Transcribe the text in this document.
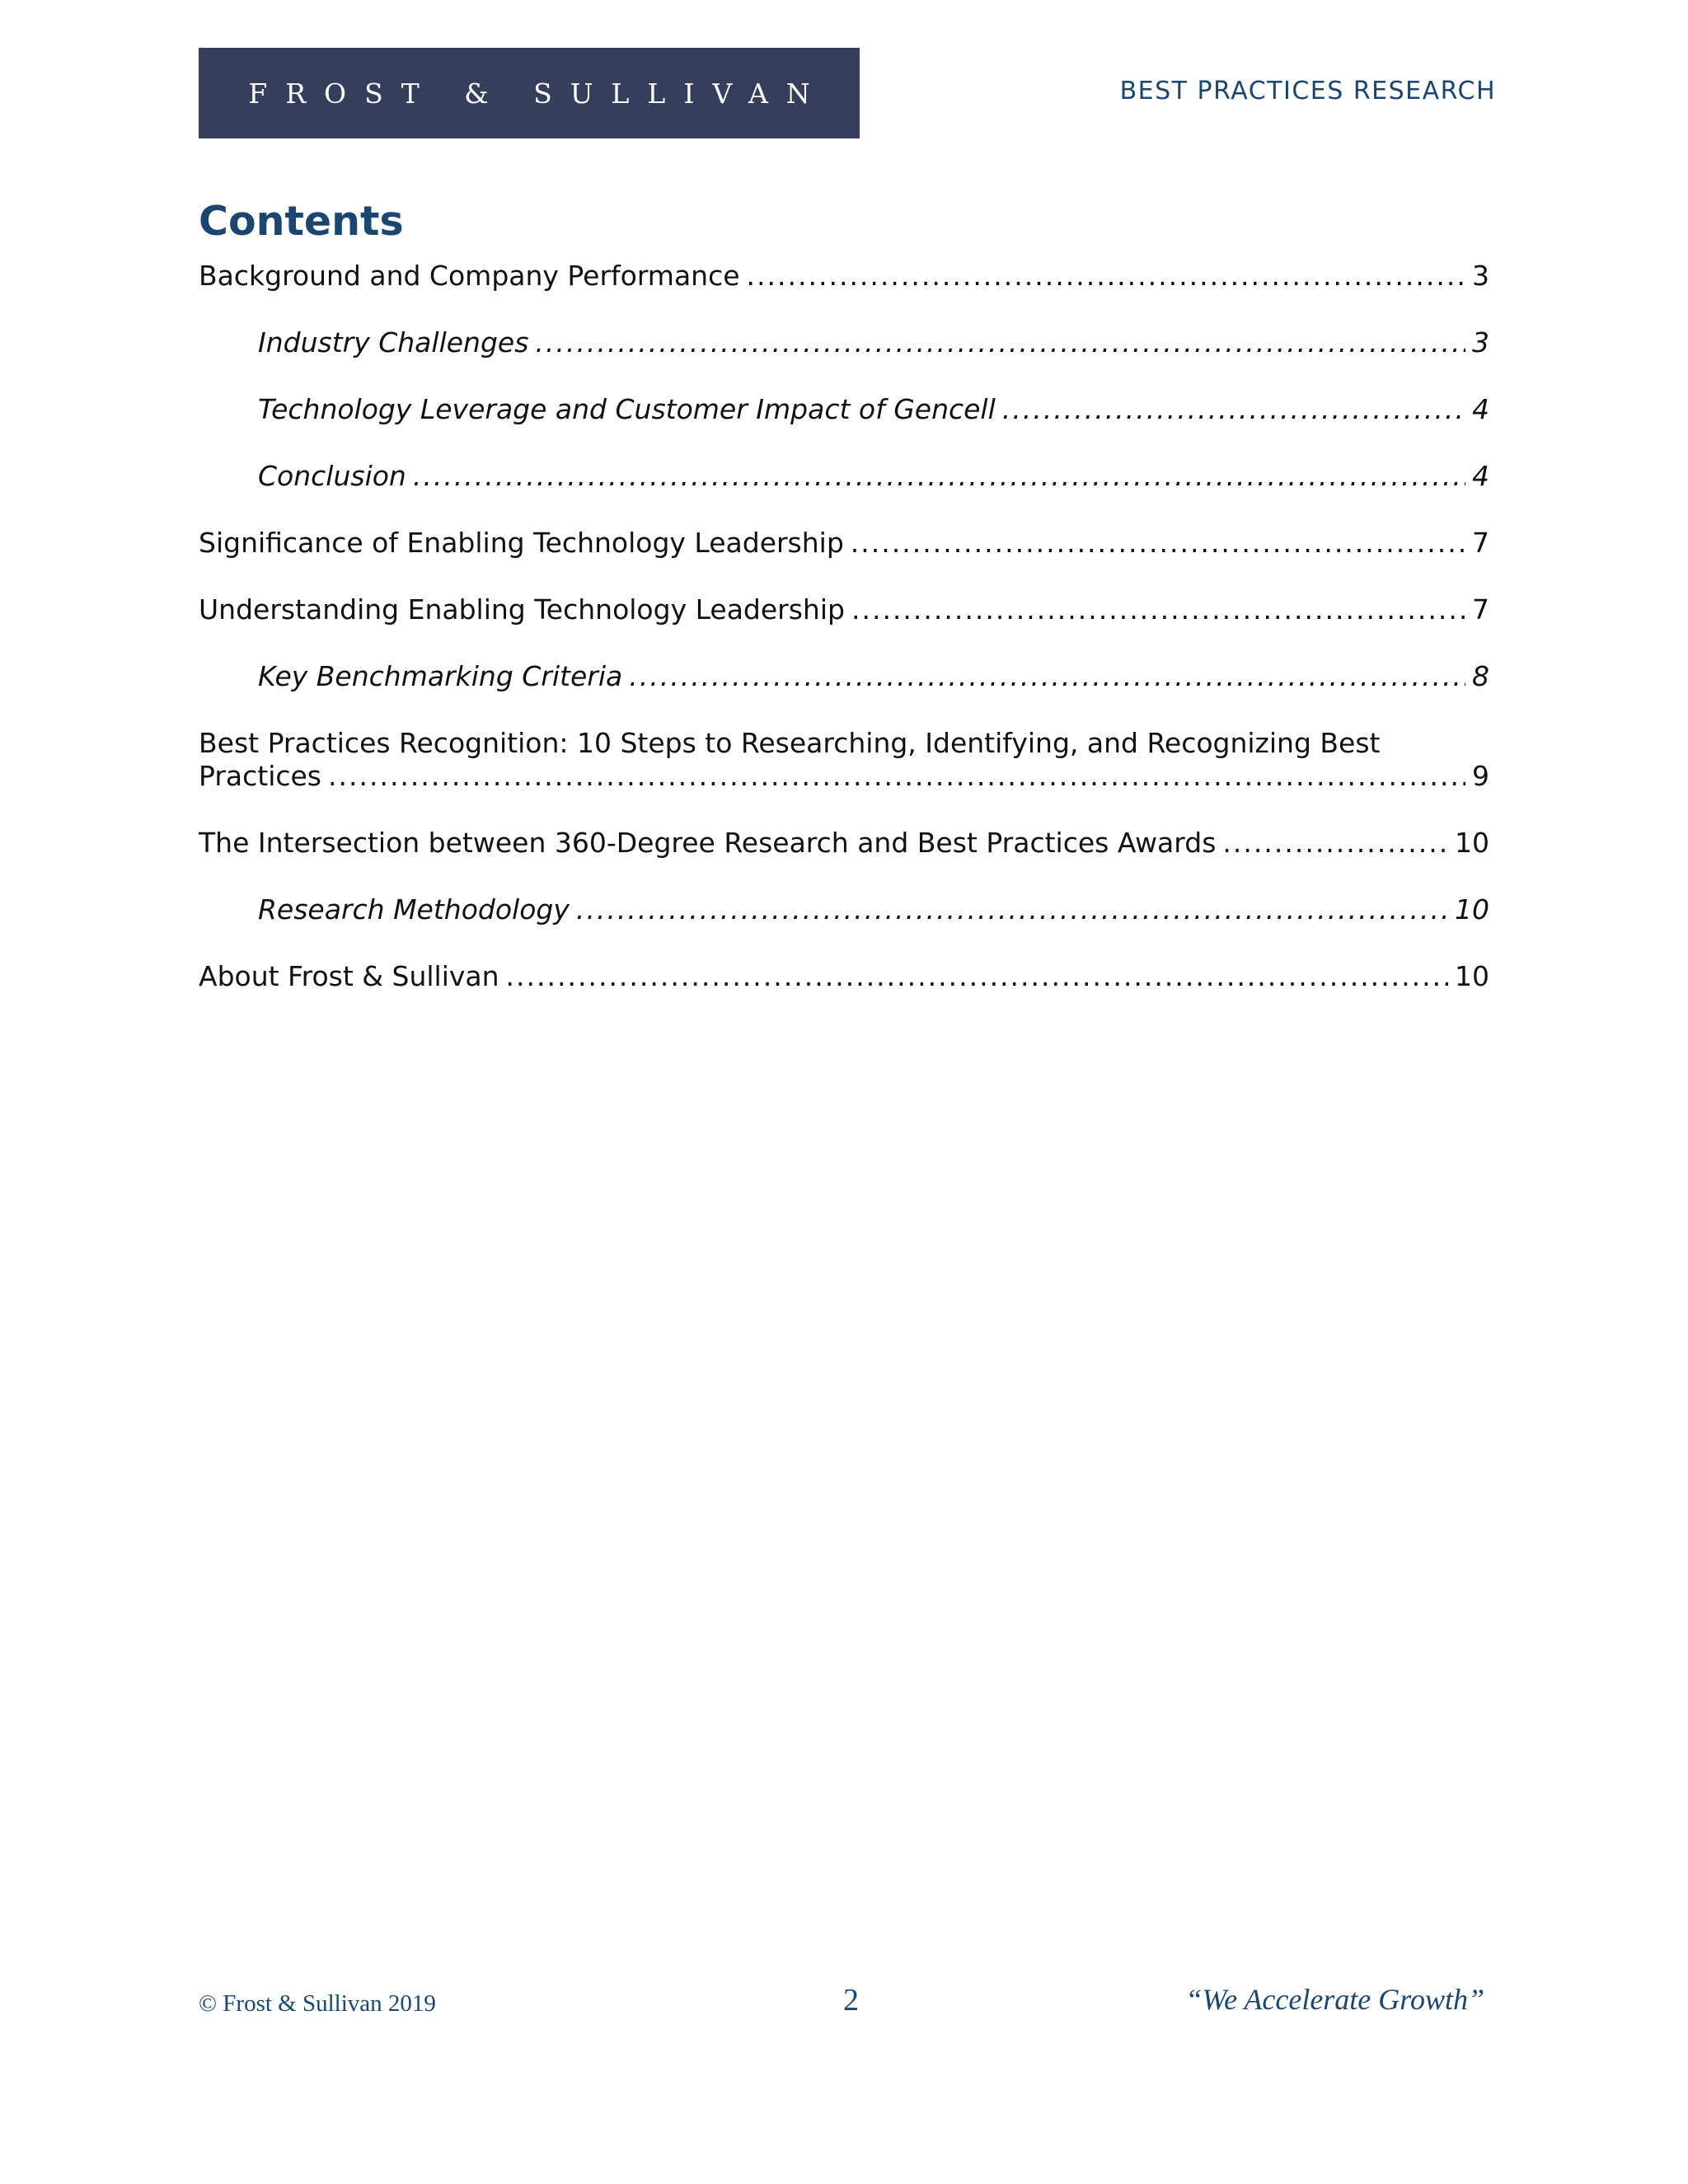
FROST & SULLIVAN	BEST PRACTICES RESEARCH
Contents
Background and Company Performance .....	3
Industry Challenges .....	3
Technology Leverage and Customer Impact of Gencell .....	4
Conclusion .....	4
Significance of Enabling Technology Leadership .....	7
Understanding Enabling Technology Leadership .....	7
Key Benchmarking Criteria .....	8
Best Practices Recognition: 10 Steps to Researching, Identifying, and Recognizing Best
Practices .....	9
The Intersection between 360-Degree Research and Best Practices Awards .....	10
Research Methodology .....	10
About Frost & Sullivan .....	10
© Frost & Sullivan 2019	2	“We Accelerate Growth”
